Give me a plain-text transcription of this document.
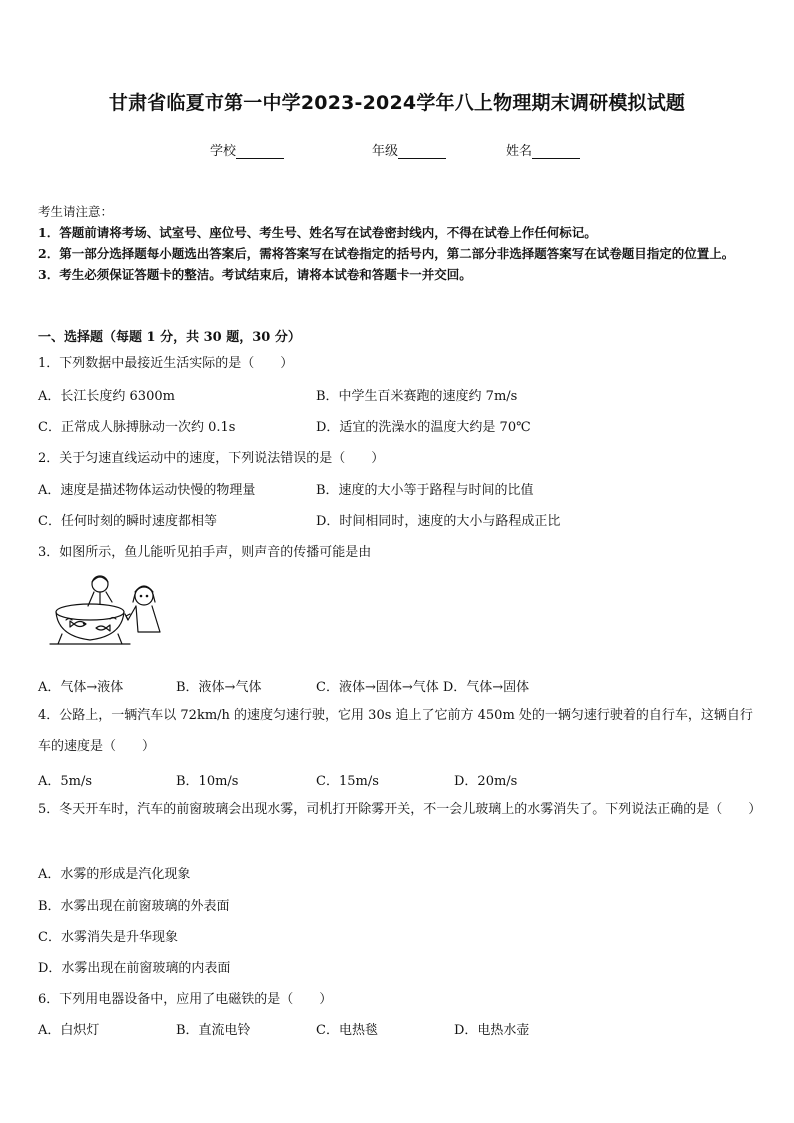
甘肃省临夏市第一中学2023-2024学年八上物理期末调研模拟试题
学校	年级	姓名
考生请注意：
1．答题前请将考场、试室号、座位号、考生号、姓名写在试卷密封线内，不得在试卷上作任何标记。
2．第一部分选择题每小题选出答案后，需将答案写在试卷指定的括号内，第二部分非选择题答案写在试卷题目指定的位置上。
3．考生必须保证答题卡的整洁。考试结束后，请将本试卷和答题卡一并交回。
一、选择题（每题 1 分，共 30 题，30 分）
1．下列数据中最接近生活实际的是（　　）
A．长江长度约 6300m	B．中学生百米赛跑的速度约 7m/s
C．正常成人脉搏脉动一次约 0.1s	D．适宜的洗澡水的温度大约是 70℃
2．关于匀速直线运动中的速度，下列说法错误的是（　　）
A．速度是描述物体运动快慢的物理量	B．速度的大小等于路程与时间的比值
C．任何时刻的瞬时速度都相等	D．时间相同时，速度的大小与路程成正比
3．如图所示，鱼儿能听见拍手声，则声音的传播可能是由
A．气体→液体	B．液体→气体	C．液体→固体→气体 D．气体→固体
4．公路上，一辆汽车以 72km/h 的速度匀速行驶，它用 30s 追上了它前方 450m 处的一辆匀速行驶着的自行车，这辆自行车的速度是（　　）
A．5m/s	B．10m/s	C．15m/s	D．20m/s
5．冬天开车时，汽车的前窗玻璃会出现水雾，司机打开除雾开关，不一会儿玻璃上的水雾消失了。下列说法正确的是（　　）
A．水雾的形成是汽化现象
B．水雾出现在前窗玻璃的外表面
C．水雾消失是升华现象
D．水雾出现在前窗玻璃的内表面
6．下列用电器设备中，应用了电磁铁的是（　　）
A．白炽灯	B．直流电铃	C．电热毯	D．电热水壶
